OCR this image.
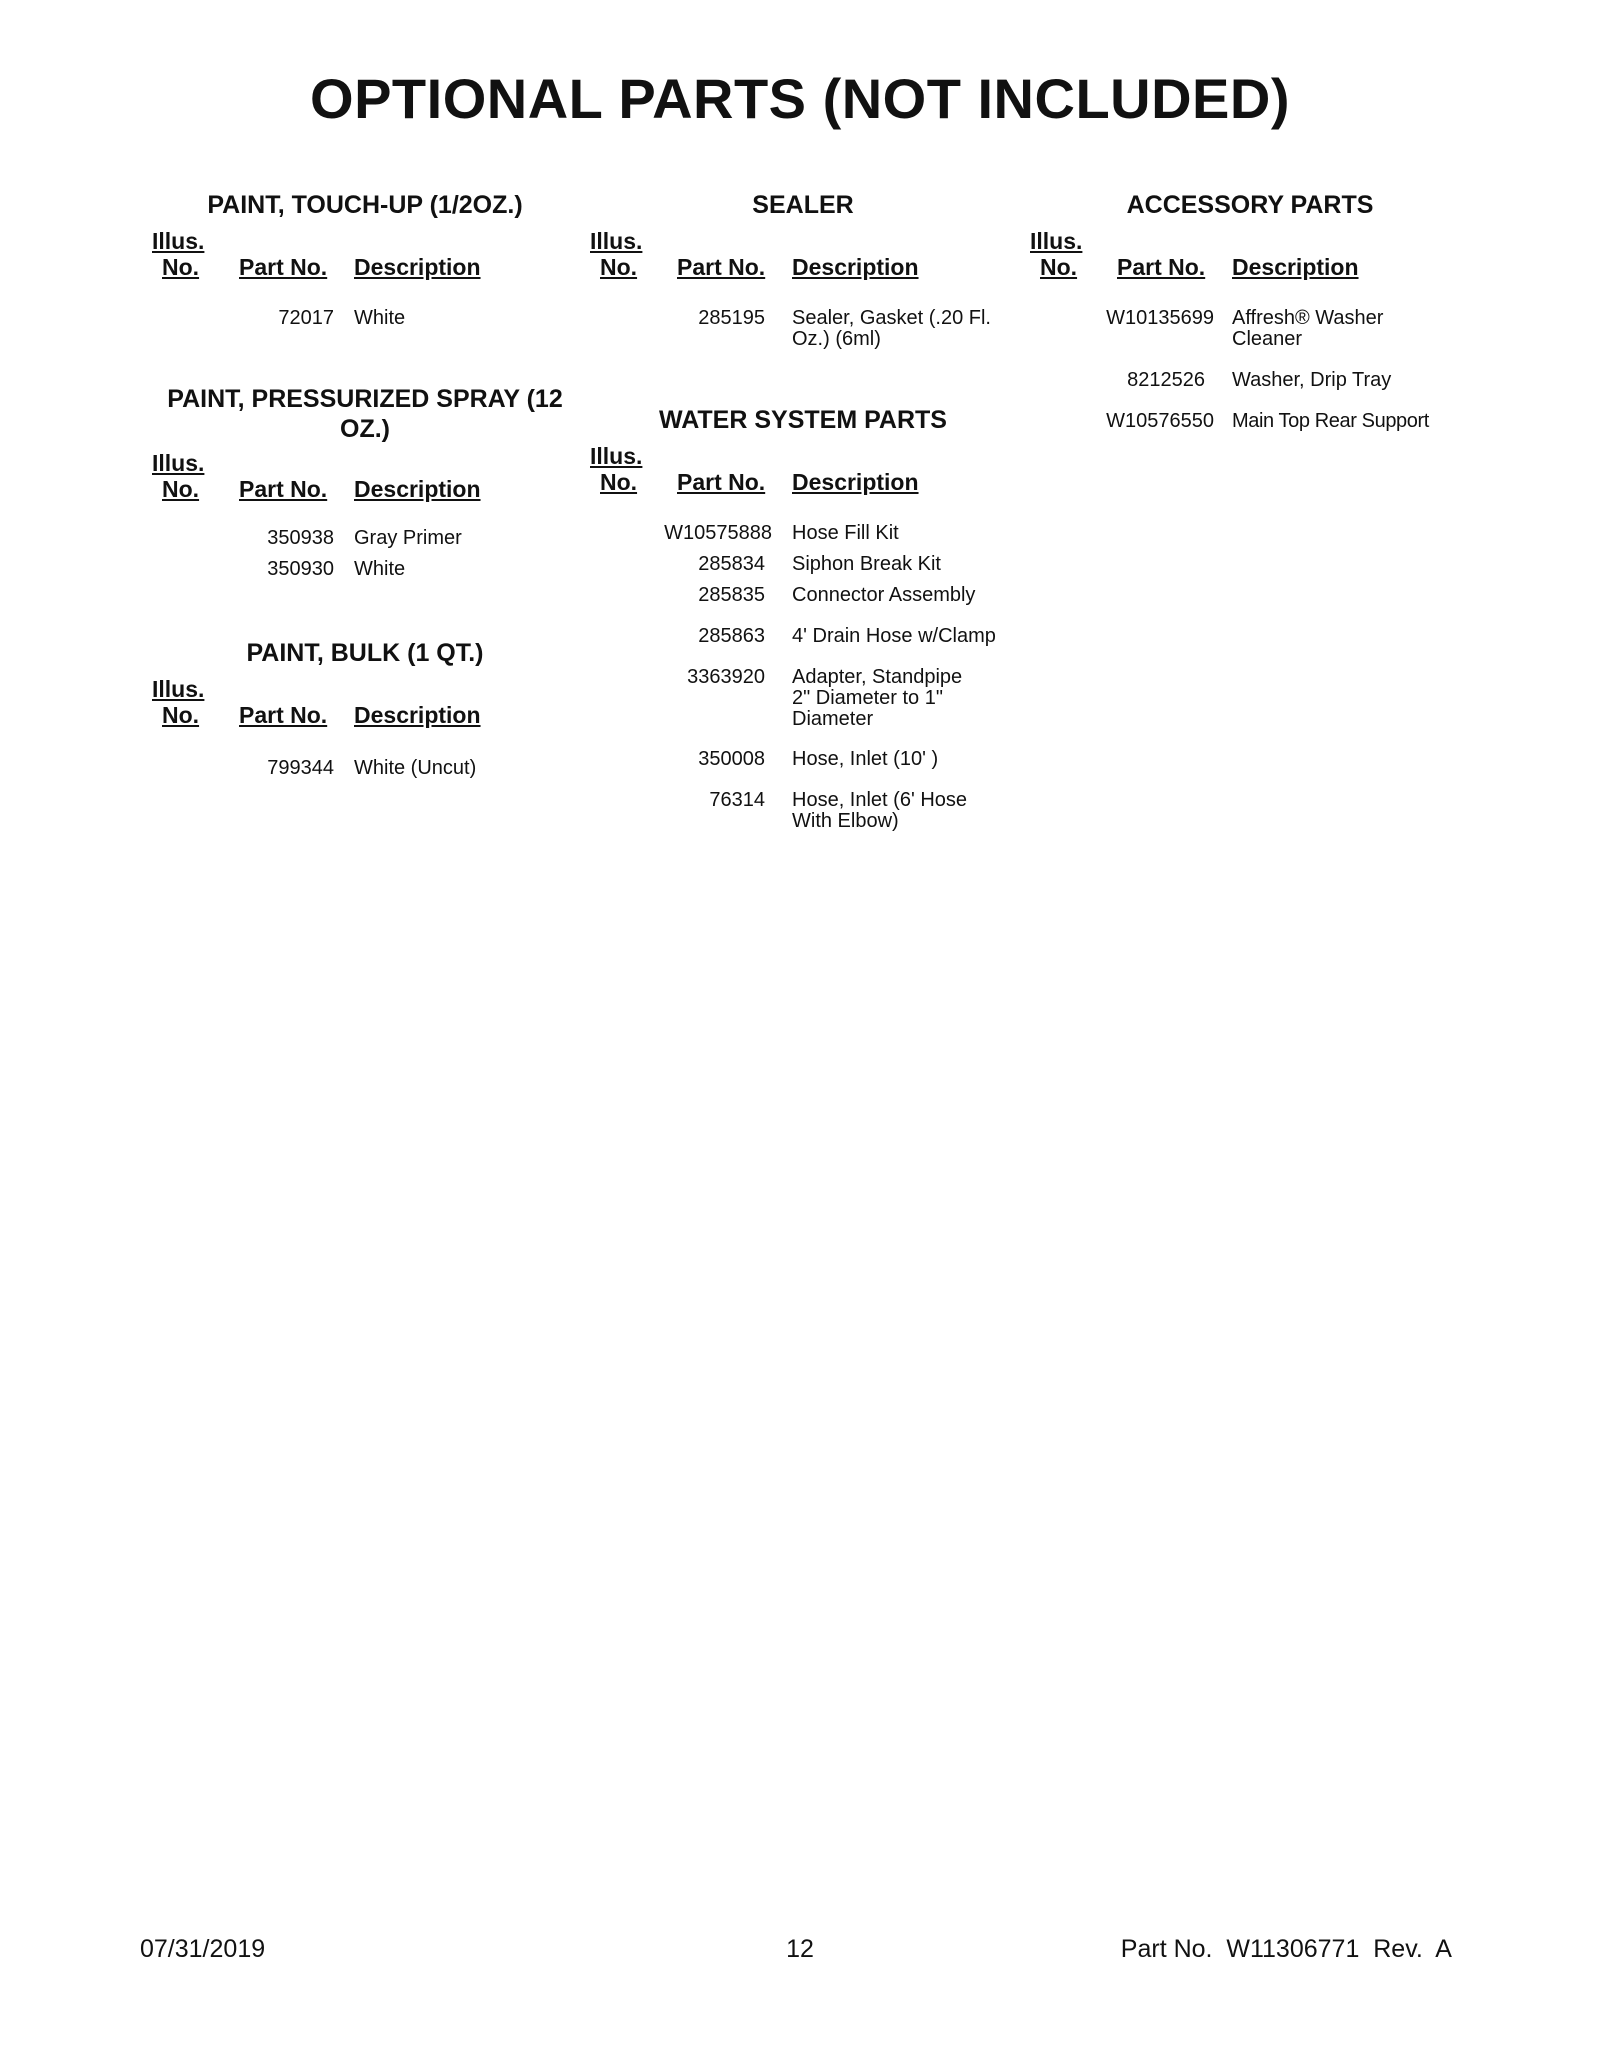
OPTIONAL PARTS (NOT INCLUDED)
PAINT, TOUCH-UP (1/2OZ.)
Illus.
No. Part No. Description
72017 White
PAINT, PRESSURIZED SPRAY (12 OZ.)
Illus.
No. Part No. Description
350938 Gray Primer
350930 White
PAINT, BULK (1 QT.)
Illus.
No. Part No. Description
799344 White (Uncut)
SEALER
Illus.
No. Part No. Description
285195 Sealer, Gasket (.20 Fl. Oz.) (6ml)
WATER SYSTEM PARTS
Illus.
No. Part No. Description
W10575888 Hose Fill Kit
285834 Siphon Break Kit
285835 Connector Assembly
285863 4' Drain Hose w/Clamp
3363920 Adapter, Standpipe 2" Diameter to 1" Diameter
350008 Hose, Inlet (10' )
76314 Hose, Inlet (6' Hose With Elbow)
ACCESSORY PARTS
Illus.
No. Part No. Description
W10135699 Affresh® Washer Cleaner
8212526 Washer, Drip Tray
W10576550 Main Top Rear Support
07/31/2019	12	Part No.  W11306771  Rev.  A
